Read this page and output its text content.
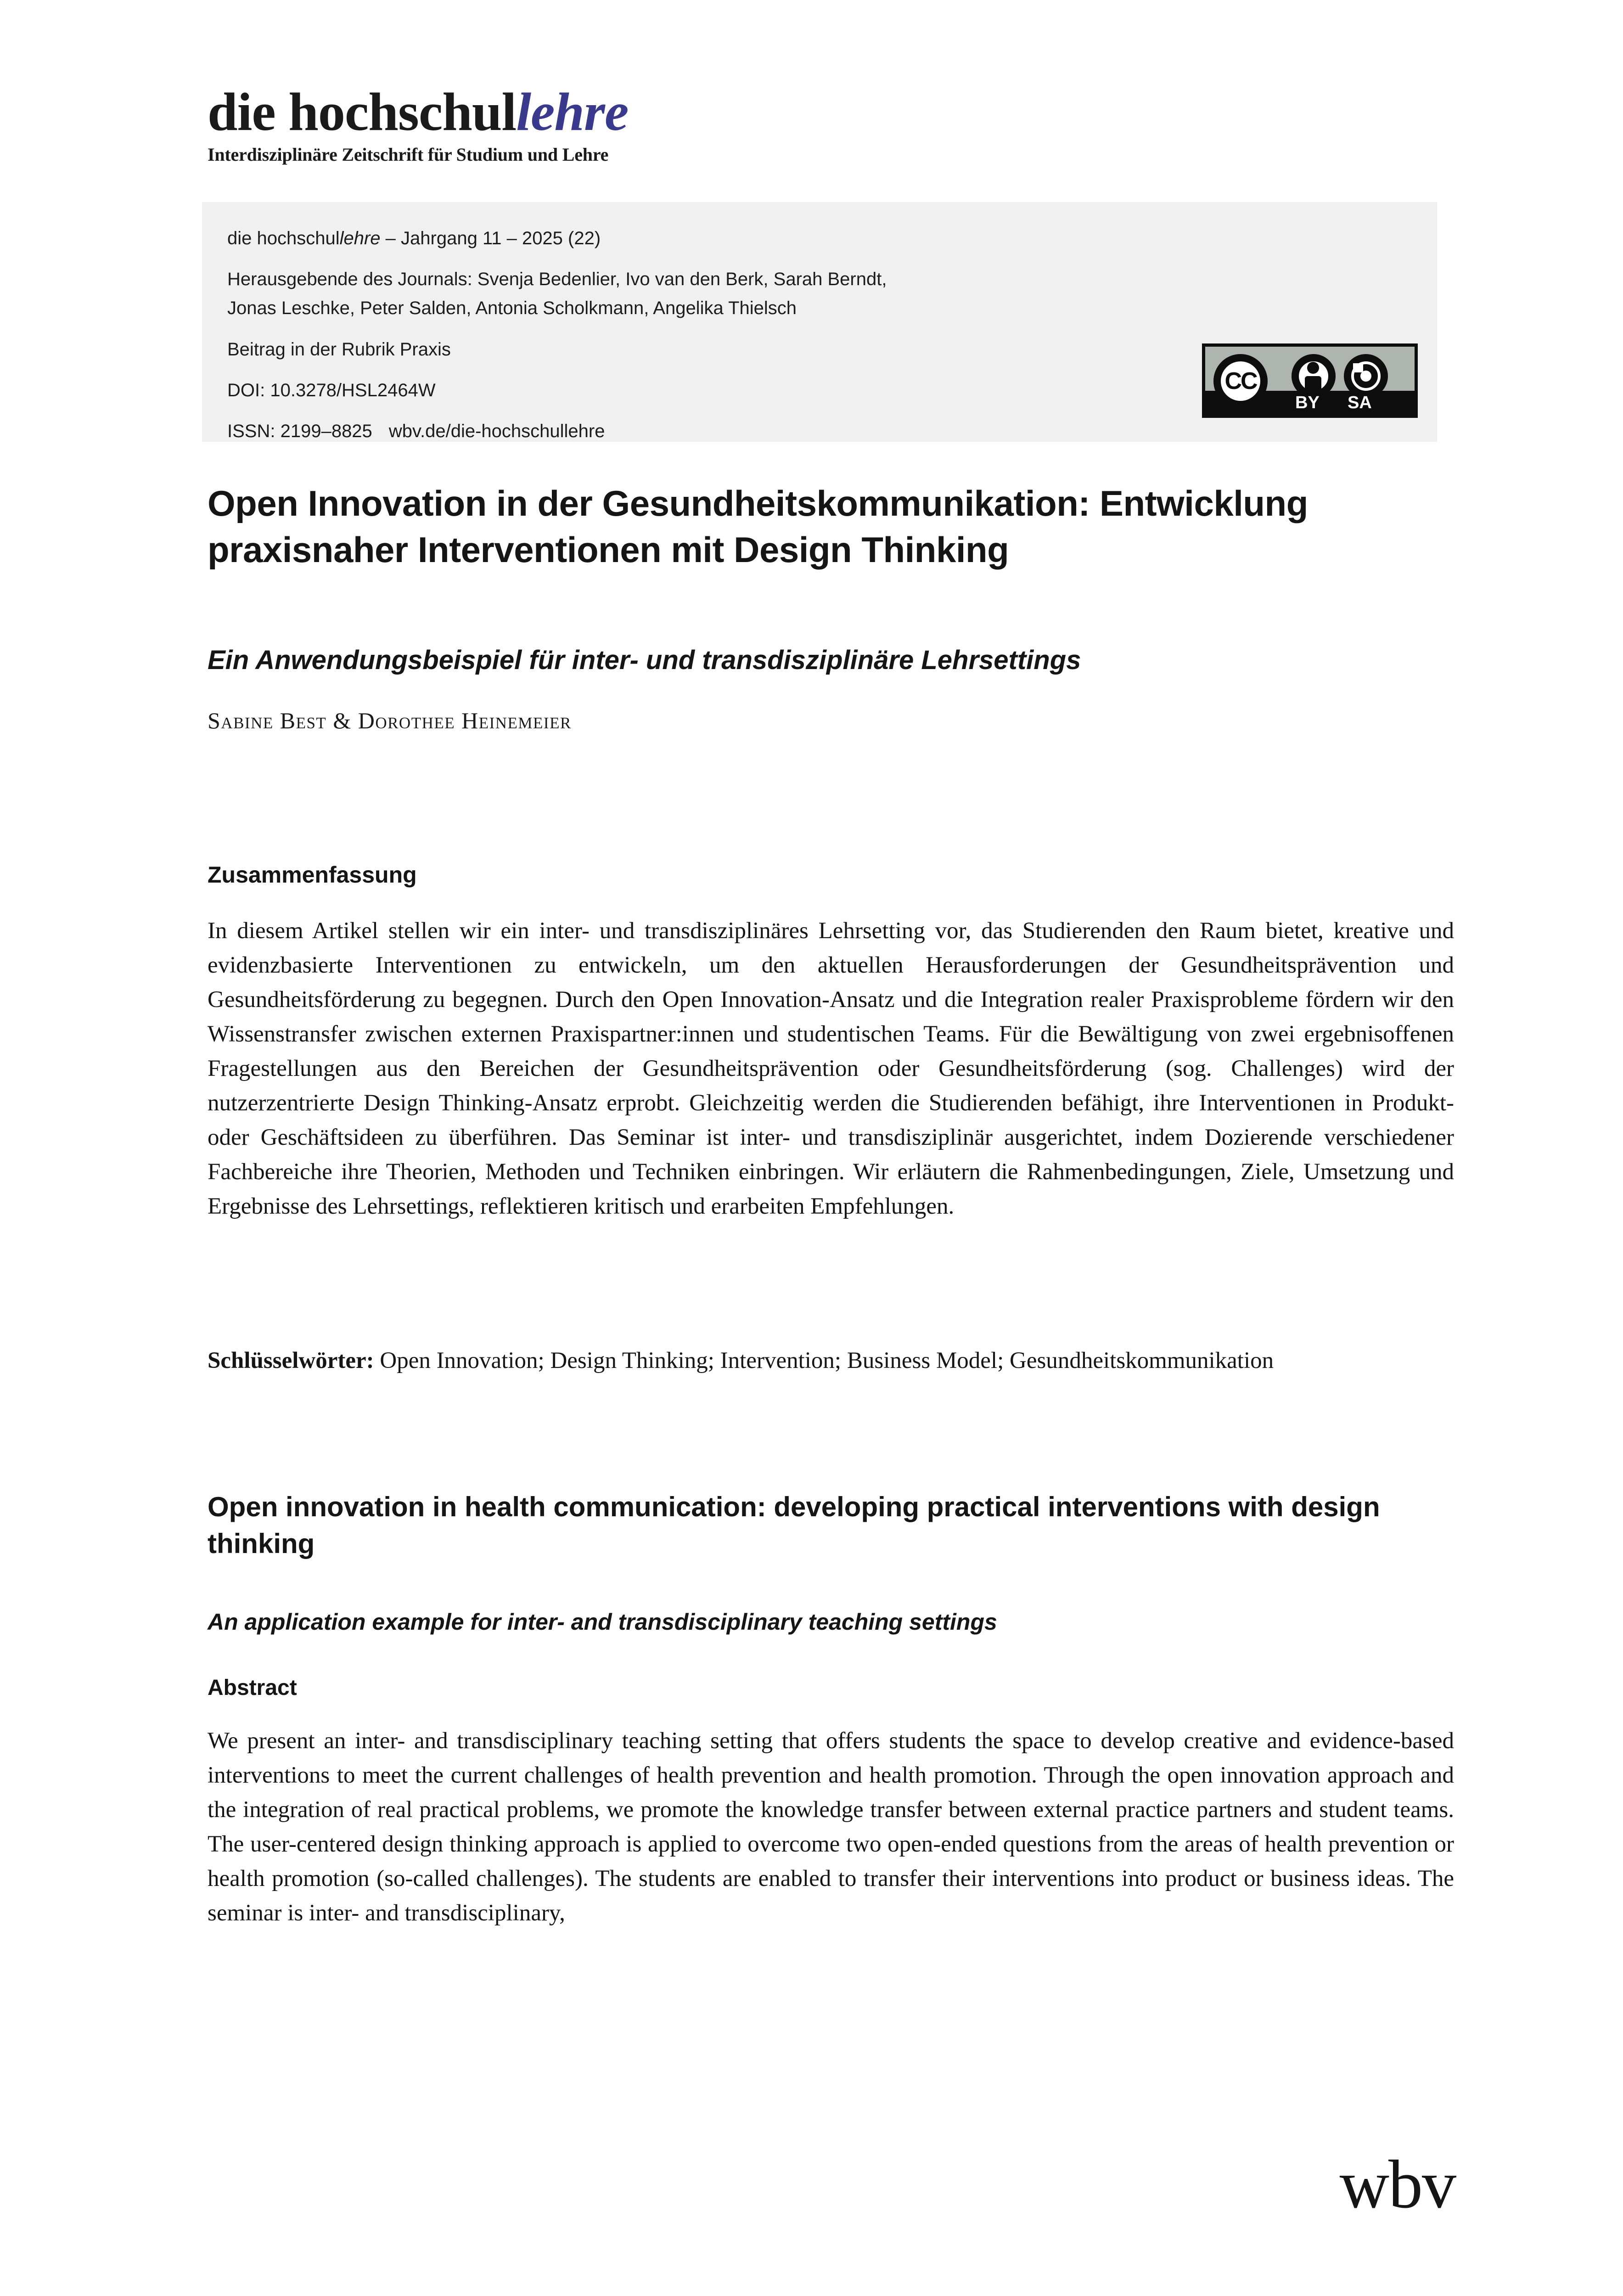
die hochschullehre
Interdisziplinäre Zeitschrift für Studium und Lehre
die hochschullehre – Jahrgang 11 – 2025 (22)
Herausgebende des Journals: Svenja Bedenlier, Ivo van den Berk, Sarah Berndt,
Jonas Leschke, Peter Salden, Antonia Scholkmann, Angelika Thielsch
Beitrag in der Rubrik Praxis
DOI: 10.3278/HSL2464W
ISSN: 2199–8825 wbv.de/die-hochschullehre
CC
BY SA
Open Innovation in der Gesundheitskommunikation: Entwicklung praxisnaher Interventionen mit Design Thinking
Ein Anwendungsbeispiel für inter- und transdisziplinäre Lehrsettings
Sabine Best & Dorothee Heinemeier
Zusammenfassung
In diesem Artikel stellen wir ein inter- und transdisziplinäres Lehrsetting vor, das Studierenden den Raum bietet, kreative und evidenzbasierte Interventionen zu entwickeln, um den aktuellen Herausforderungen der Gesundheitsprävention und Gesundheitsförderung zu begegnen. Durch den Open Innovation-Ansatz und die Integration realer Praxisprobleme fördern wir den Wissenstransfer zwischen externen Praxispartner:innen und studentischen Teams. Für die Bewältigung von zwei ergebnisoffenen Fragestellungen aus den Bereichen der Gesundheitsprävention oder Gesundheitsförderung (sog. Challenges) wird der nutzerzentrierte Design Thinking-Ansatz erprobt. Gleichzeitig werden die Studierenden befähigt, ihre Interventionen in Produkt- oder Geschäftsideen zu überführen. Das Seminar ist inter- und transdisziplinär ausgerichtet, indem Dozierende verschiedener Fachbereiche ihre Theorien, Methoden und Techniken einbringen. Wir erläutern die Rahmenbedingungen, Ziele, Umsetzung und Ergebnisse des Lehrsettings, reflektieren kritisch und erarbeiten Empfehlungen.
Schlüsselwörter: Open Innovation; Design Thinking; Intervention; Business Model; Gesundheitskommunikation
Open innovation in health communication: developing practical interventions with design thinking
An application example for inter- and transdisciplinary teaching settings
Abstract
We present an inter- and transdisciplinary teaching setting that offers students the space to develop creative and evidence-based interventions to meet the current challenges of health prevention and health promotion. Through the open innovation approach and the integration of real practical problems, we promote the knowledge transfer between external practice partners and student teams. The user-centered design thinking approach is applied to overcome two open-ended questions from the areas of health prevention or health promotion (so-called challenges). The students are enabled to transfer their interventions into product or business ideas. The seminar is inter- and transdisciplinary,
wbv
